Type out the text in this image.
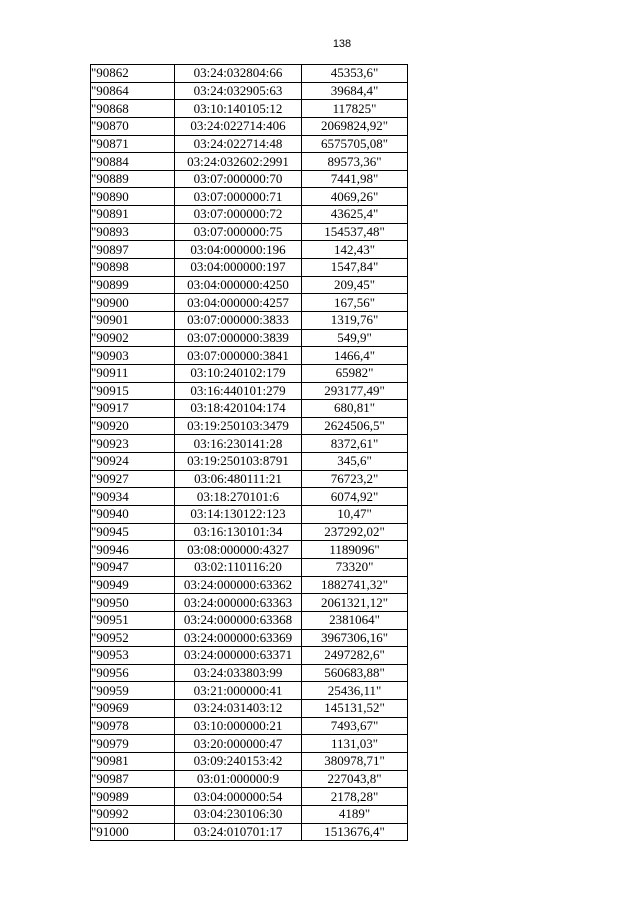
138
"90862	03:24:032804:66	45353,6"
"90864	03:24:032905:63	39684,4"
"90868	03:10:140105:12	117825"
"90870	03:24:022714:406	2069824,92"
"90871	03:24:022714:48	6575705,08"
"90884	03:24:032602:2991	89573,36"
"90889	03:07:000000:70	7441,98"
"90890	03:07:000000:71	4069,26"
"90891	03:07:000000:72	43625,4"
"90893	03:07:000000:75	154537,48"
"90897	03:04:000000:196	142,43"
"90898	03:04:000000:197	1547,84"
"90899	03:04:000000:4250	209,45"
"90900	03:04:000000:4257	167,56"
"90901	03:07:000000:3833	1319,76"
"90902	03:07:000000:3839	549,9"
"90903	03:07:000000:3841	1466,4"
"90911	03:10:240102:179	65982"
"90915	03:16:440101:279	293177,49"
"90917	03:18:420104:174	680,81"
"90920	03:19:250103:3479	2624506,5"
"90923	03:16:230141:28	8372,61"
"90924	03:19:250103:8791	345,6"
"90927	03:06:480111:21	76723,2"
"90934	03:18:270101:6	6074,92"
"90940	03:14:130122:123	10,47"
"90945	03:16:130101:34	237292,02"
"90946	03:08:000000:4327	1189096"
"90947	03:02:110116:20	73320"
"90949	03:24:000000:63362	1882741,32"
"90950	03:24:000000:63363	2061321,12"
"90951	03:24:000000:63368	2381064"
"90952	03:24:000000:63369	3967306,16"
"90953	03:24:000000:63371	2497282,6"
"90956	03:24:033803:99	560683,88"
"90959	03:21:000000:41	25436,11"
"90969	03:24:031403:12	145131,52"
"90978	03:10:000000:21	7493,67"
"90979	03:20:000000:47	1131,03"
"90981	03:09:240153:42	380978,71"
"90987	03:01:000000:9	227043,8"
"90989	03:04:000000:54	2178,28"
"90992	03:04:230106:30	4189"
"91000	03:24:010701:17	1513676,4"
